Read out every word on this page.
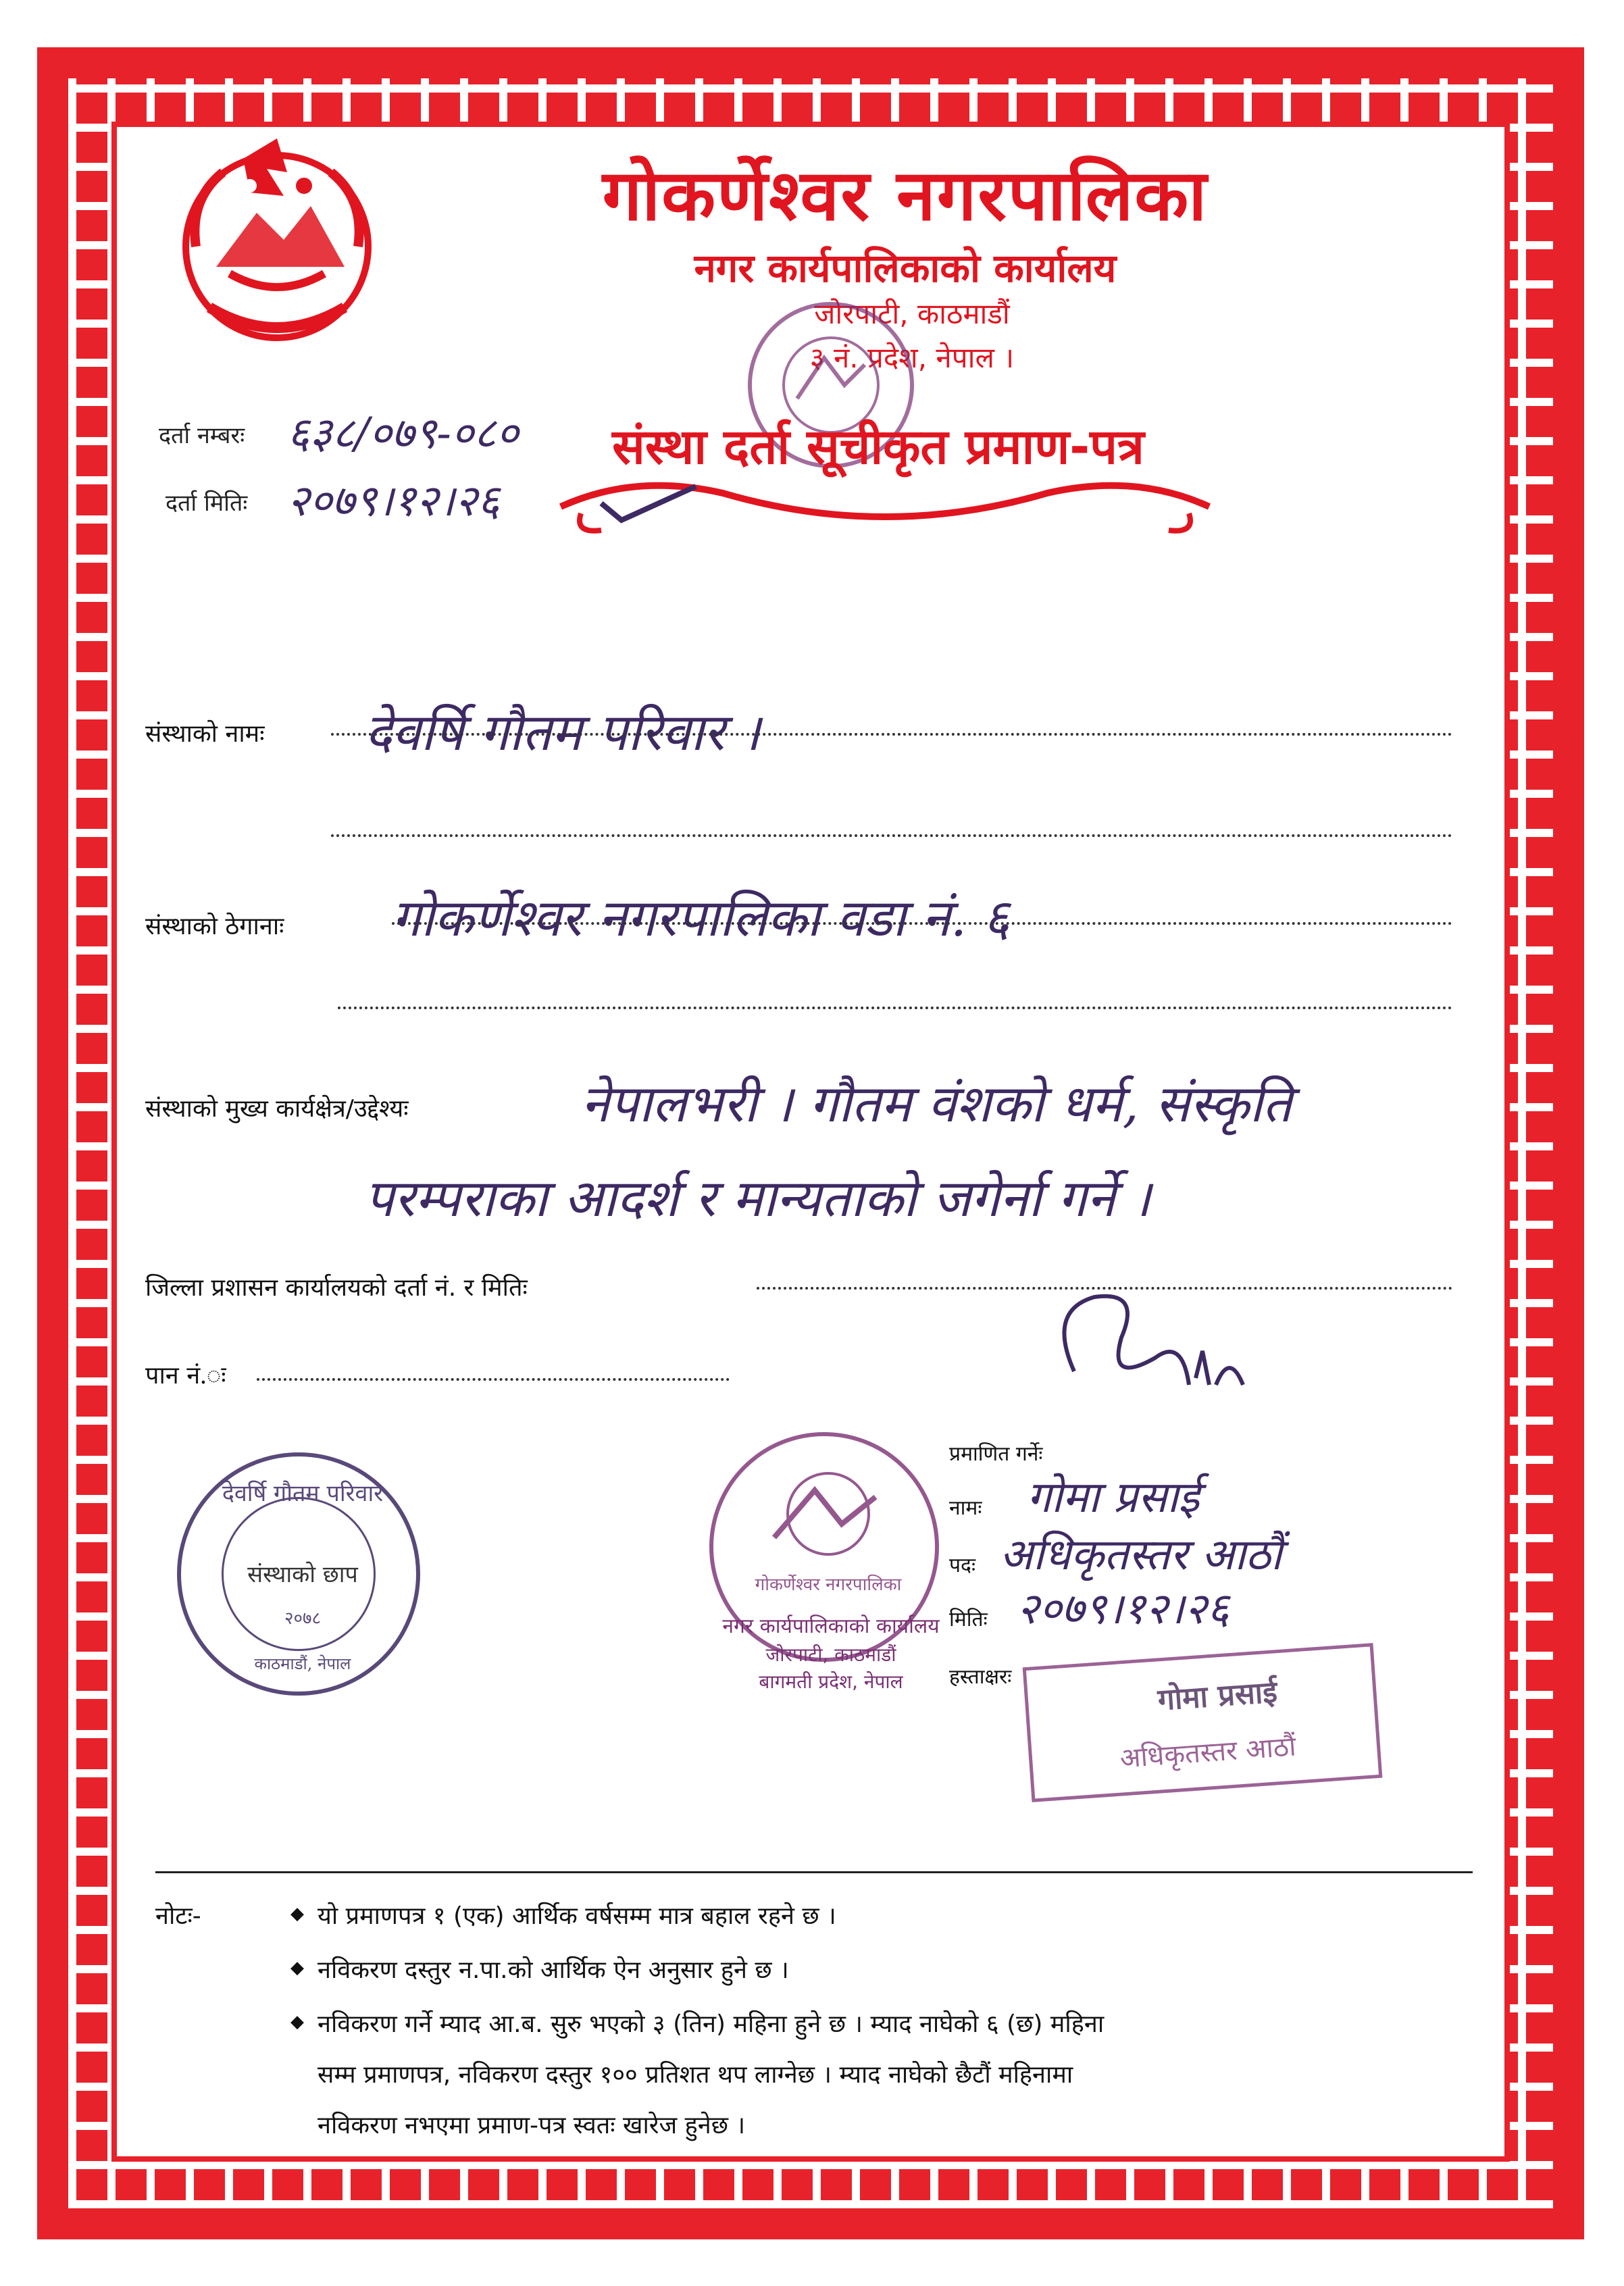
गोकर्णेश्वर नगरपालिका
नगर कार्यपालिकाको कार्यालय
जोरपाटी, काठमाडौं
३ नं. प्रदेश, नेपाल ।
दर्ता नम्बरः ६३८/०७९-०८०
दर्ता मितिः २०७९।१२।२६
संस्था दर्ता सूचीकृत प्रमाण-पत्र
संस्थाको नामः देवर्षि गौतम परिवार ।
संस्थाको ठेगानाः गोकर्णेश्वर नगरपालिका वडा नं. ६
संस्थाको मुख्य कार्यक्षेत्र/उद्देश्यः	नेपालभरी । गौतम वंशको धर्म, संस्कृति
परम्पराका आदर्श र मान्यताको जगेर्ना गर्ने ।
जिल्ला प्रशासन कार्यालयको दर्ता नं. र मितिः
पान नं.ः
देवर्षि गौतम परिवार
संस्थाको छाप
२०७८
काठमाडौं, नेपाल
गोकर्णेश्वर नगरपालिका
नगर कार्यपालिकाको कार्यालय
जोरपाटी, काठमाडौं
बागमती प्रदेश, नेपाल
प्रमाणित गर्नेः
नामः गोमा प्रसाई
पदः अधिकृतस्तर आठौं
मितिः २०७९।१२।२६
हस्ताक्षरः	गोमा प्रसाई
अधिकृतस्तर आठौं
नोटः-	◆ यो प्रमाणपत्र १ (एक) आर्थिक वर्षसम्म मात्र बहाल रहने छ ।
◆ नविकरण दस्तुर न.पा.को आर्थिक ऐन अनुसार हुने छ ।
◆ नविकरण गर्ने म्याद आ.ब. सुरु भएको ३ (तिन) महिना हुने छ । म्याद नाघेको ६ (छ) महिना
सम्म प्रमाणपत्र, नविकरण दस्तुर १०० प्रतिशत थप लाग्नेछ । म्याद नाघेको छैटौं महिनामा
नविकरण नभएमा प्रमाण-पत्र स्वतः खारेज हुनेछ ।
